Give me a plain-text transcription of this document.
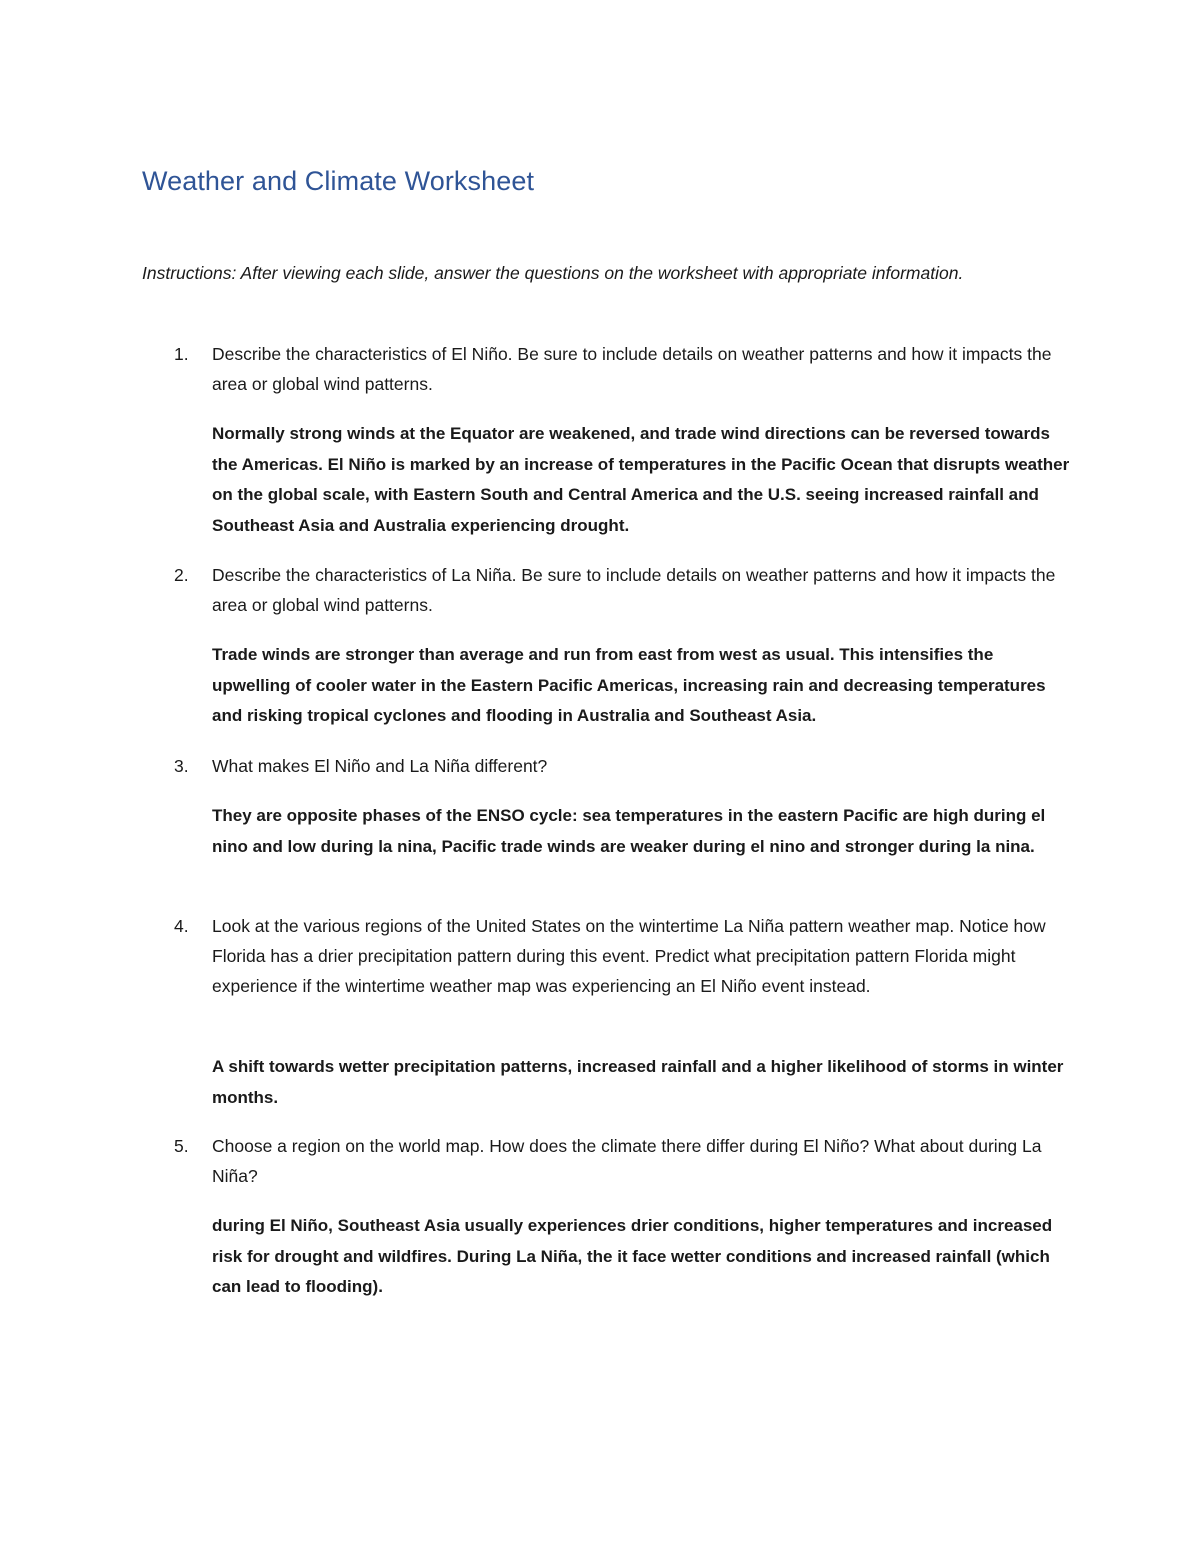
Weather and Climate Worksheet
Instructions: After viewing each slide, answer the questions on the worksheet with appropriate information.
1. Describe the characteristics of El Niño. Be sure to include details on weather patterns and how it impacts the area or global wind patterns.
Normally strong winds at the Equator are weakened, and trade wind directions can be reversed towards the Americas. El Niño is marked by an increase of temperatures in the Pacific Ocean that disrupts weather on the global scale, with Eastern South and Central America and the U.S. seeing increased rainfall and Southeast Asia and Australia experiencing drought.
2. Describe the characteristics of La Niña. Be sure to include details on weather patterns and how it impacts the area or global wind patterns.
Trade winds are stronger than average and run from east from west as usual. This intensifies the upwelling of cooler water in the Eastern Pacific Americas, increasing rain and decreasing temperatures and risking tropical cyclones and flooding in Australia and Southeast Asia.
3. What makes El Niño and La Niña different?
They are opposite phases of the ENSO cycle: sea temperatures in the eastern Pacific are high during el nino and low during la nina, Pacific trade winds are weaker during el nino and stronger during la nina.
4. Look at the various regions of the United States on the wintertime La Niña pattern weather map. Notice how Florida has a drier precipitation pattern during this event. Predict what precipitation pattern Florida might experience if the wintertime weather map was experiencing an El Niño event instead.
A shift towards wetter precipitation patterns, increased rainfall and a higher likelihood of storms in winter months.
5. Choose a region on the world map. How does the climate there differ during El Niño? What about during La Niña?
during El Niño, Southeast Asia usually experiences drier conditions, higher temperatures and increased risk for drought and wildfires. During La Niña, the it face wetter conditions and increased rainfall (which can lead to flooding).
